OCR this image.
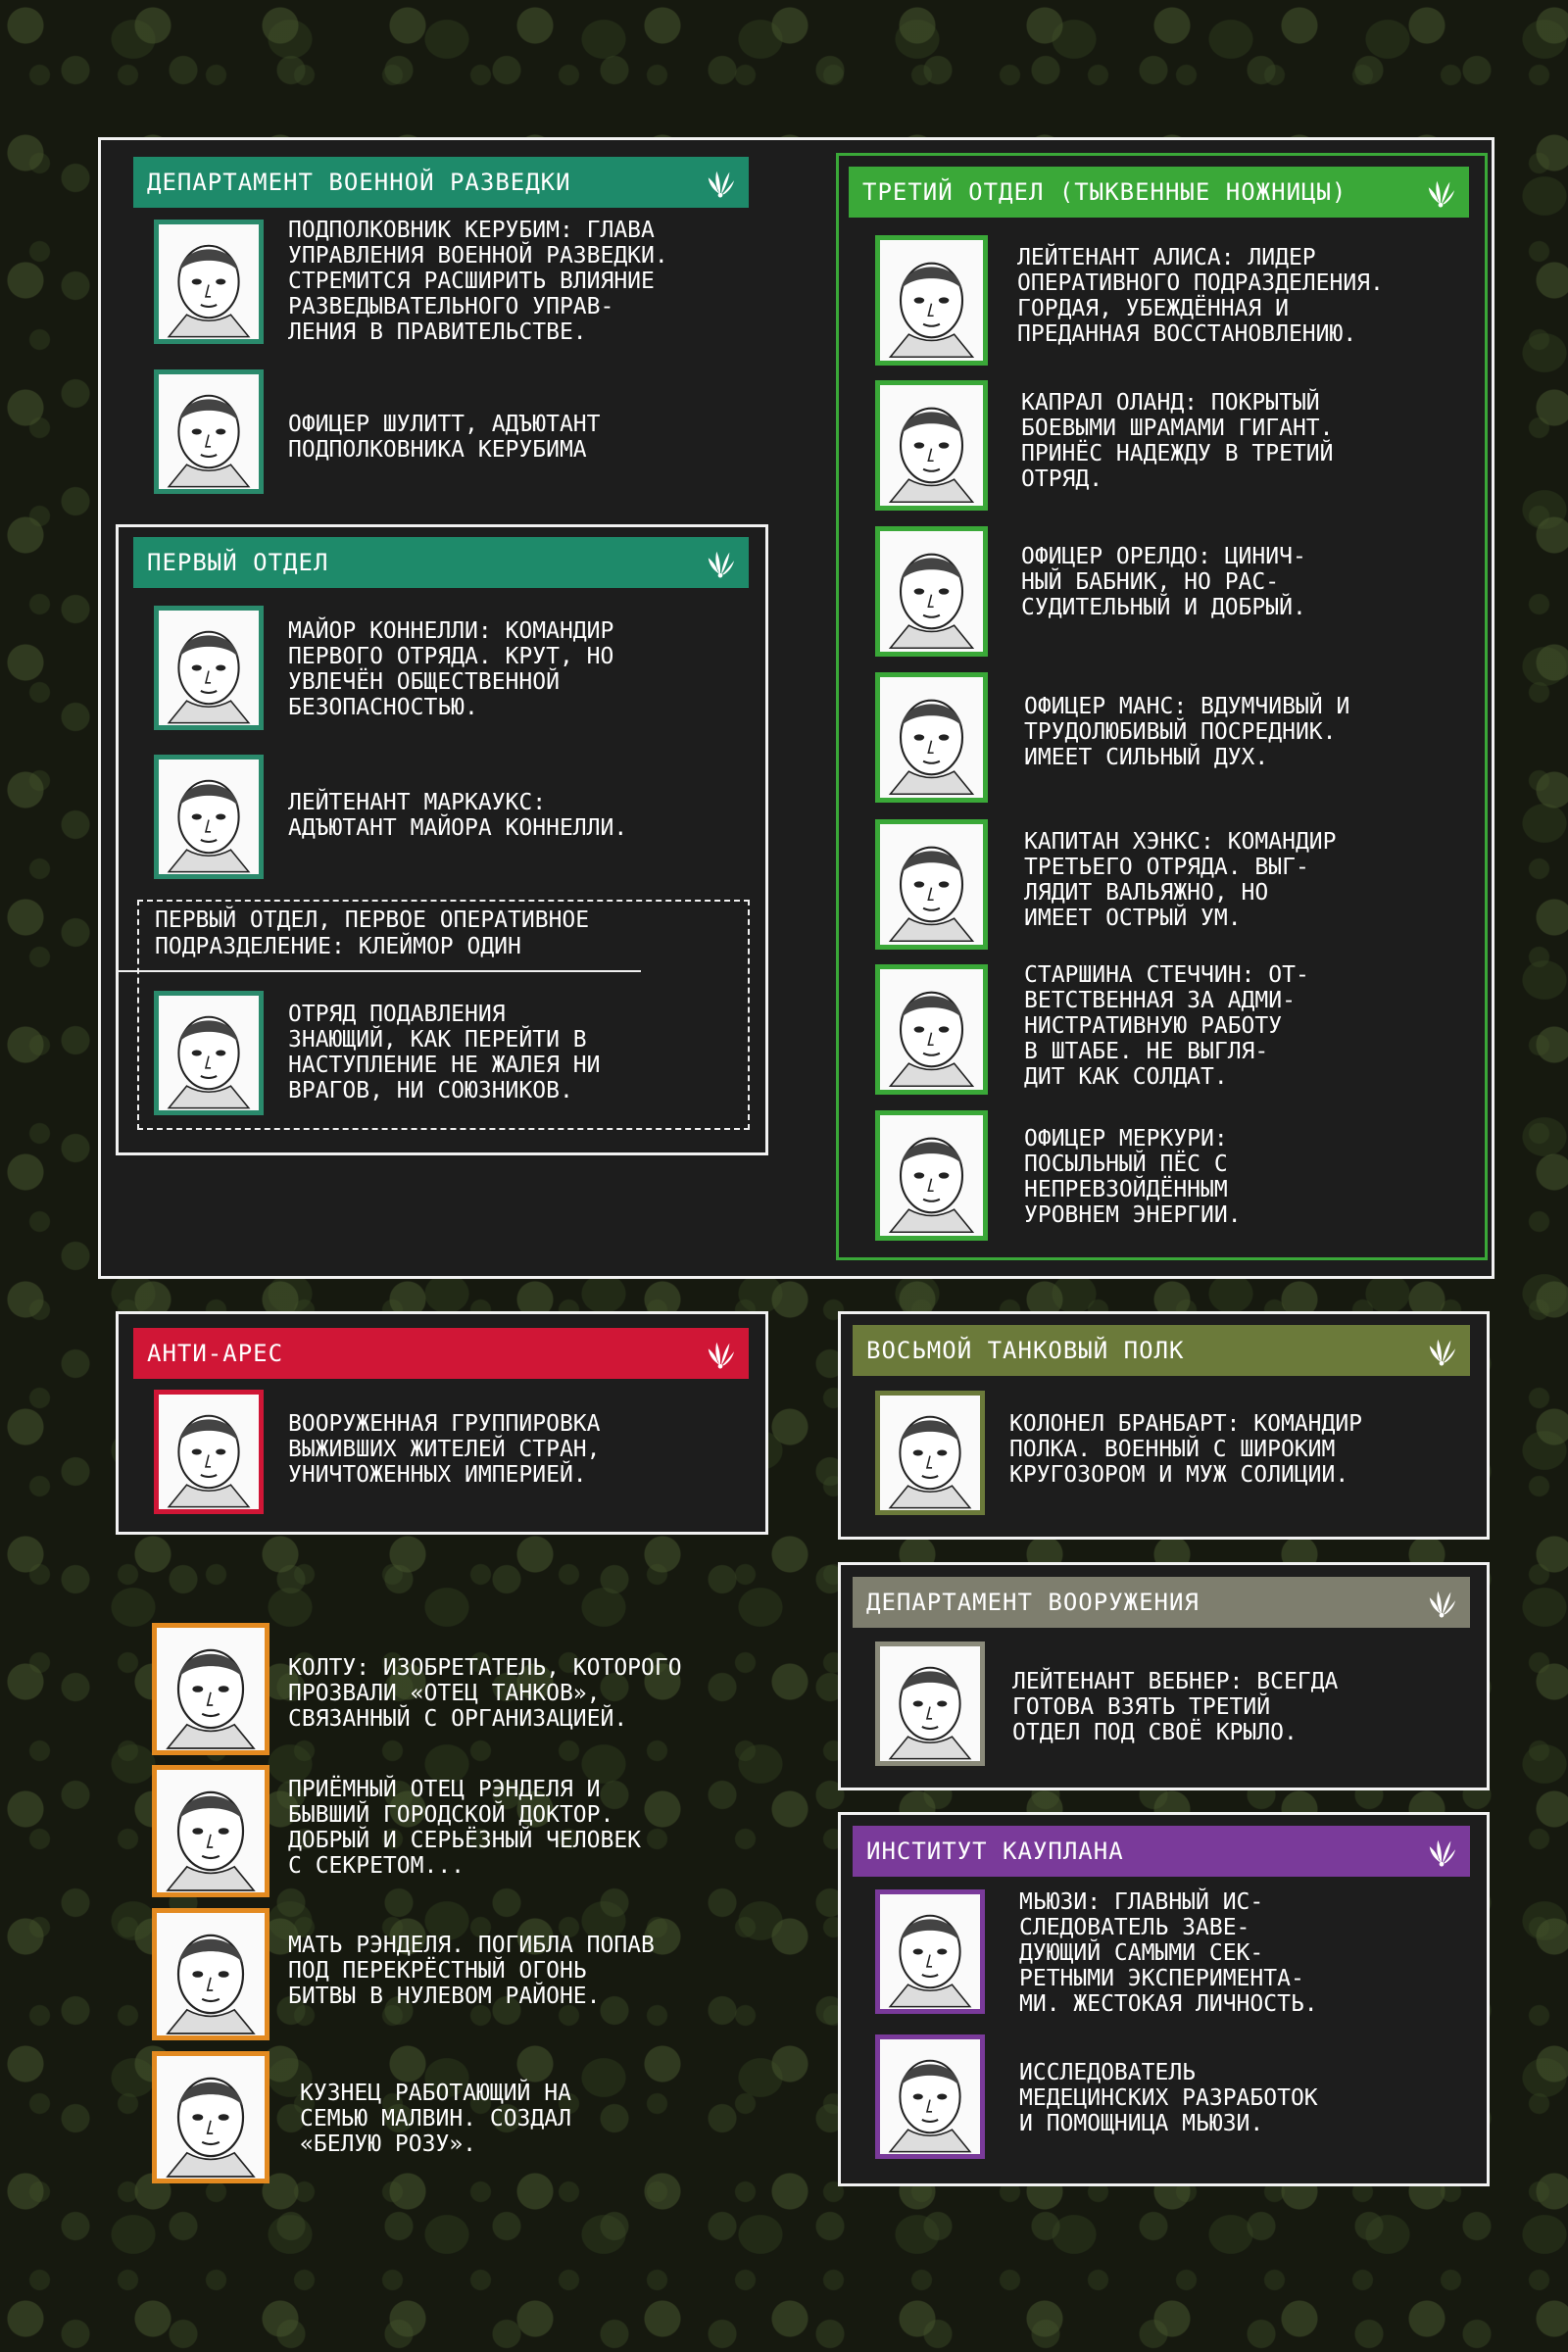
ДЕПАРТАМЕНТ ВОЕННОЙ РАЗВЕДКИ
ПОДПОЛКОВНИК КЕРУБИМ: ГЛАВА
УПРАВЛЕНИЯ ВОЕННОЙ РАЗВЕДКИ.
СТРЕМИТСЯ РАСШИРИТЬ ВЛИЯНИЕ
РАЗВЕДЫВАТЕЛЬНОГО УПРАВ-
ЛЕНИЯ В ПРАВИТЕЛЬСТВЕ.
ОФИЦЕР ШУЛИТТ, АДЪЮТАНТ
ПОДПОЛКОВНИКА КЕРУБИМА
ПЕРВЫЙ ОТДЕЛ
МАЙОР КОННЕЛЛИ: КОМАНДИР
ПЕРВОГО ОТРЯДА. КРУТ, НО
УВЛЕЧЁН ОБЩЕСТВЕННОЙ
БЕЗОПАСНОСТЬЮ.
ЛЕЙТЕНАНТ МАРКАУКС:
АДЪЮТАНТ МАЙОРА КОННЕЛЛИ.
ПЕРВЫЙ ОТДЕЛ, ПЕРВОЕ ОПЕРАТИВНОЕ
ПОДРАЗДЕЛЕНИЕ: КЛЕЙМОР ОДИН
ОТРЯД ПОДАВЛЕНИЯ
ЗНАЮЩИЙ, КАК ПЕРЕЙТИ В
НАСТУПЛЕНИЕ НЕ ЖАЛЕЯ НИ
ВРАГОВ, НИ СОЮЗНИКОВ.
ТРЕТИЙ ОТДЕЛ (ТЫКВЕННЫЕ НОЖНИЦЫ)
ЛЕЙТЕНАНТ АЛИСА: ЛИДЕР
ОПЕРАТИВНОГО ПОДРАЗДЕЛЕНИЯ.
ГОРДАЯ, УБЕЖДЁННАЯ И
ПРЕДАННАЯ ВОССТАНОВЛЕНИЮ.
КАПРАЛ ОЛАНД: ПОКРЫТЫЙ
БОЕВЫМИ ШРАМАМИ ГИГАНТ.
ПРИНЁС НАДЕЖДУ В ТРЕТИЙ
ОТРЯД.
ОФИЦЕР ОРЕЛДО: ЦИНИЧ-
НЫЙ БАБНИК, НО РАС-
СУДИТЕЛЬНЫЙ И ДОБРЫЙ.
ОФИЦЕР МАНС: ВДУМЧИВЫЙ И
ТРУДОЛЮБИВЫЙ ПОСРЕДНИК.
ИМЕЕТ СИЛЬНЫЙ ДУХ.
КАПИТАН ХЭНКС: КОМАНДИР
ТРЕТЬЕГО ОТРЯДА. ВЫГ-
ЛЯДИТ ВАЛЬЯЖНО, НО
ИМЕЕТ ОСТРЫЙ УМ.
СТАРШИНА СТЕЧЧИН: ОТ-
ВЕТСТВЕННАЯ ЗА АДМИ-
НИСТРАТИВНУЮ РАБОТУ
В ШТАБЕ. НЕ ВЫГЛЯ-
ДИТ КАК СОЛДАТ.
ОФИЦЕР МЕРКУРИ:
ПОСЫЛЬНЫЙ ПЁС С
НЕПРЕВЗОЙДЁННЫМ
УРОВНЕМ ЭНЕРГИИ.
АНТИ-АРЕС
ВООРУЖЕННАЯ ГРУППИРОВКА
ВЫЖИВШИХ ЖИТЕЛЕЙ СТРАН,
УНИЧТОЖЕННЫХ ИМПЕРИЕЙ.
ВОСЬМОЙ ТАНКОВЫЙ ПОЛК
КОЛОНЕЛ БРАНБАРТ: КОМАНДИР
ПОЛКА. ВОЕННЫЙ С ШИРОКИМ
КРУГОЗОРОМ И МУЖ СОЛИЦИИ.
ДЕПАРТАМЕНТ ВООРУЖЕНИЯ
ЛЕЙТЕНАНТ ВЕБНЕР: ВСЕГДА
ГОТОВА ВЗЯТЬ ТРЕТИЙ
ОТДЕЛ ПОД СВОЁ КРЫЛО.
ИНСТИТУТ КАУПЛАНА
МЬЮЗИ: ГЛАВНЫЙ ИС-
СЛЕДОВАТЕЛЬ ЗАВЕ-
ДУЮЩИЙ САМЫМИ СЕК-
РЕТНЫМИ ЭКСПЕРИМЕНТА-
МИ. ЖЕСТОКАЯ ЛИЧНОСТЬ.
ИССЛЕДОВАТЕЛЬ
МЕДЕЦИНСКИХ РАЗРАБОТОК
И ПОМОЩНИЦА МЬЮЗИ.
КОЛТУ: ИЗОБРЕТАТЕЛЬ, КОТОРОГО
ПРОЗВАЛИ «ОТЕЦ ТАНКОВ»,
СВЯЗАННЫЙ С ОРГАНИЗАЦИЕЙ.
ПРИЁМНЫЙ ОТЕЦ РЭНДЕЛЯ И
БЫВШИЙ ГОРОДСКОЙ ДОКТОР.
ДОБРЫЙ И СЕРЬЁЗНЫЙ ЧЕЛОВЕК
С СЕКРЕТОМ...
МАТЬ РЭНДЕЛЯ. ПОГИБЛА ПОПАВ
ПОД ПЕРЕКРЁСТНЫЙ ОГОНЬ
БИТВЫ В НУЛЕВОМ РАЙОНЕ.
КУЗНЕЦ РАБОТАЮЩИЙ НА
СЕМЬЮ МАЛВИН. СОЗДАЛ
«БЕЛУЮ РОЗУ».
